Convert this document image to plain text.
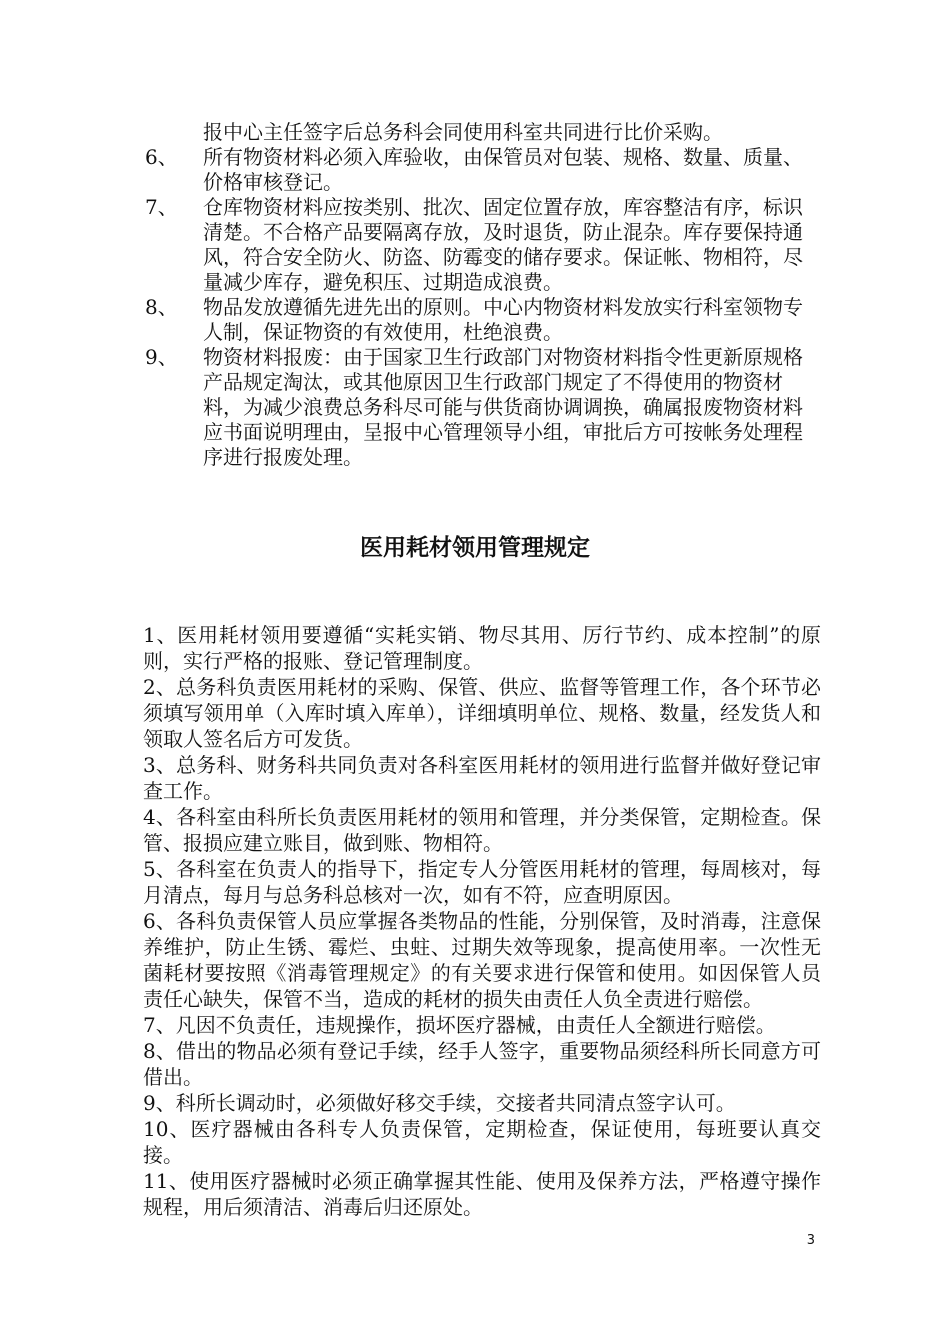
报中心主任签字后总务科会同使用科室共同进行比价采购。
6、	所有物资材料必须入库验收，由保管员对包装、规格、数量、质量、价格审核登记。
7、	仓库物资材料应按类别、批次、固定位置存放，库容整洁有序，标识清楚。不合格产品要隔离存放，及时退货，防止混杂。库存要保持通风，符合安全防火、防盗、防霉变的储存要求。保证帐、物相符，尽量减少库存，避免积压、过期造成浪费。
8、	物品发放遵循先进先出的原则。中心内物资材料发放实行科室领物专人制，保证物资的有效使用，杜绝浪费。
9、	物资材料报废：由于国家卫生行政部门对物资材料指令性更新原规格产品规定淘汰，或其他原因卫生行政部门规定了不得使用的物资材料，为减少浪费总务科尽可能与供货商协调调换，确属报废物资材料应书面说明理由，呈报中心管理领导小组，审批后方可按帐务处理程序进行报废处理。
医用耗材领用管理规定

1、医用耗材领用要遵循“实耗实销、物尽其用、厉行节约、成本控制”的原则，实行严格的报账、登记管理制度。

2、总务科负责医用耗材的采购、保管、供应、监督等管理工作，各个环节必须填写领用单（入库时填入库单），详细填明单位、规格、数量，经发货人和领取人签名后方可发货。

3、总务科、财务科共同负责对各科室医用耗材的领用进行监督并做好登记审查工作。

4、各科室由科所长负责医用耗材的领用和管理，并分类保管，定期检查。保管、报损应建立账目，做到账、物相符。

5、各科室在负责人的指导下，指定专人分管医用耗材的管理，每周核对，每月清点，每月与总务科总核对一次，如有不符，应查明原因。

6、各科负责保管人员应掌握各类物品的性能，分别保管，及时消毒，注意保养维护，防止生锈、霉烂、虫蛀、过期失效等现象，提高使用率。一次性无菌耗材要按照《消毒管理规定》的有关要求进行保管和使用。如因保管人员责任心缺失，保管不当，造成的耗材的损失由责任人负全责进行赔偿。

7、凡因不负责任，违规操作，损坏医疗器械，由责任人全额进行赔偿。

8、借出的物品必须有登记手续，经手人签字，重要物品须经科所长同意方可借出。

9、科所长调动时，必须做好移交手续，交接者共同清点签字认可。

10、医疗器械由各科专人负责保管，定期检查，保证使用，每班要认真交接。

11、使用医疗器械时必须正确掌握其性能、使用及保养方法，严格遵守操作规程，用后须清洁、消毒后归还原处。

3
